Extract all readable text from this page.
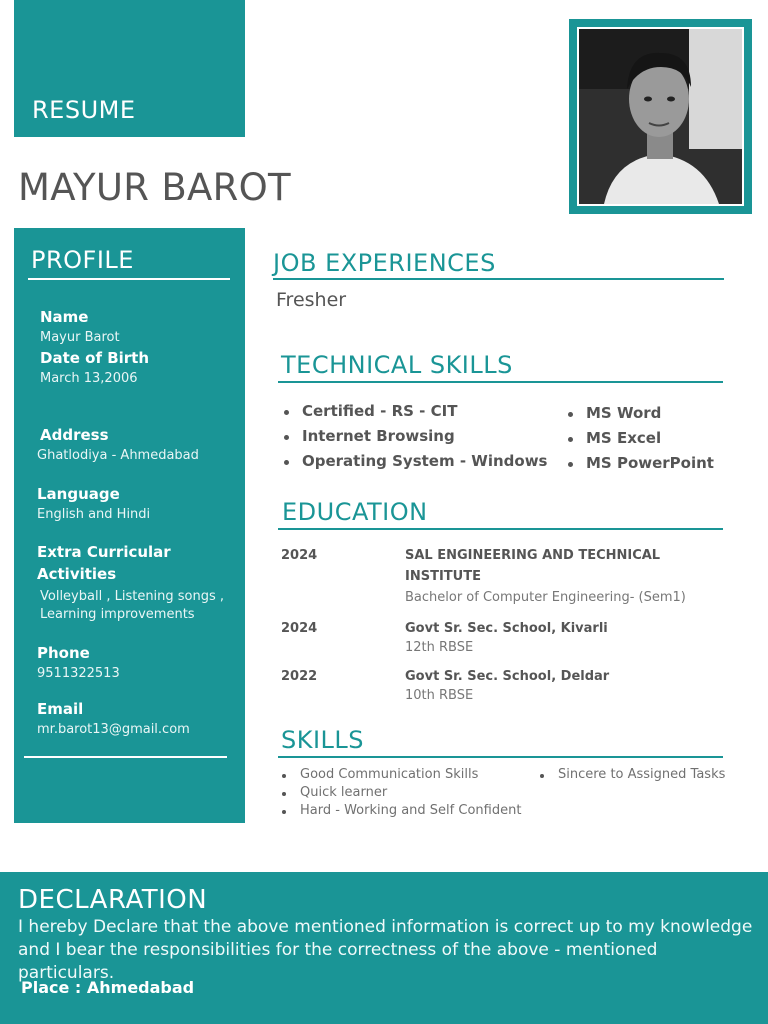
RESUME
MAYUR BAROT
PROFILE
Name
Mayur Barot
Date of Birth
March 13,2006
Address
Ghatlodiya - Ahmedabad
Language
English and Hindi
Extra Curricular
Activities
Volleyball , Listening songs ,
Learning improvements
Phone
9511322513
Email
mr.barot13@gmail.com
JOB EXPERIENCES
Fresher
TECHNICAL SKILLS
Certified - RS - CIT
Internet Browsing
Operating System - Windows
MS Word
MS Excel
MS PowerPoint
EDUCATION
2024	SAL ENGINEERING AND TECHNICAL
INSTITUTE
Bachelor of Computer Engineering- (Sem1)
2024	Govt Sr. Sec. School, Kivarli
12th RBSE
2022	Govt Sr. Sec. School, Deldar
10th RBSE
SKILLS
Good Communication Skills
Quick learner
Hard - Working and Self Confident
Sincere to Assigned Tasks
DECLARATION
I hereby Declare that the above mentioned information is correct up to my knowledge and I bear the responsibilities for the correctness of the above - mentioned particulars.
Place : Ahmedabad
